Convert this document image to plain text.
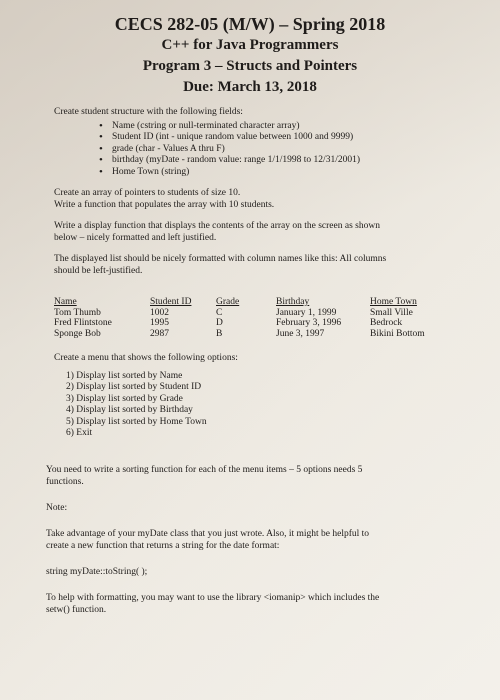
CECS 282-05 (M/W) – Spring 2018
C++ for Java Programmers
Program 3 – Structs and Pointers
Due: March 13, 2018

Create student structure with the following fields:

• Name (cstring or null-terminated character array)
• Student ID (int - unique random value between 1000 and 9999)
• grade (char - Values A thru F)
• birthday (myDate - random value: range 1/1/1998 to 12/31/2001)
• Home Town (string)

Create an array of pointers to students of size 10.

Write a function that populates the array with 10 students.

Write a display function that displays the contents of the array on the screen as shown

below – nicely formatted and left justified.

The displayed list should be nicely formatted with column names like this: All columns

should be left-justified.

Name	Student ID	Grade	Birthday	Home Town
Tom Thumb	1002	C	January 1, 1999	Small Ville
Fred Flintstone	1995	D	February 3, 1996	Bedrock
Sponge Bob	2987	B	June 3, 1997	Bikini Bottom

Create a menu that shows the following options:

1) Display list sorted by Name
2) Display list sorted by Student ID
3) Display list sorted by Grade
4) Display list sorted by Birthday
5) Display list sorted by Home Town
6) Exit

You need to write a sorting function for each of the menu items – 5 options needs 5

functions.

Note:

Take advantage of your myDate class that you just wrote. Also, it might be helpful to

create a new function that returns a string for the date format:

string myDate::toString( );

To help with formatting, you may want to use the library <iomanip> which includes the

setw() function.
